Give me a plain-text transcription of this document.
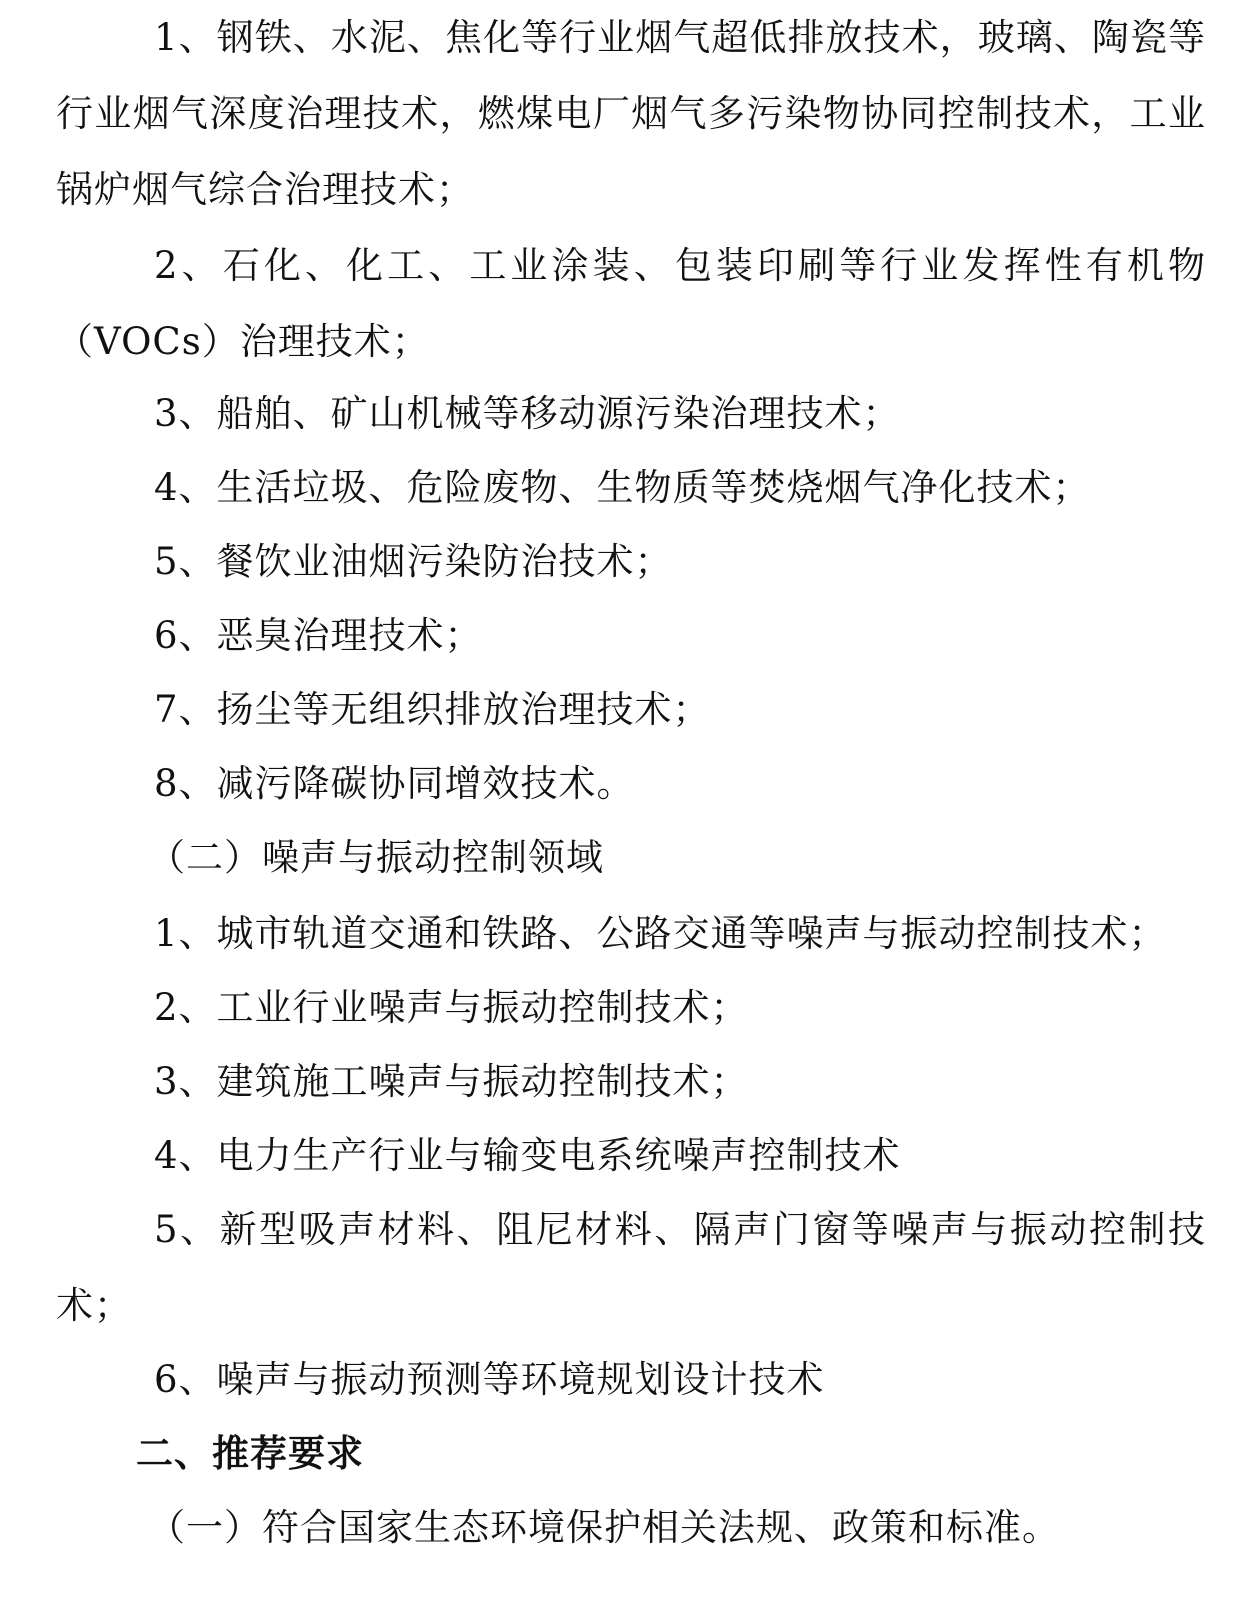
1、钢铁、水泥、焦化等行业烟气超低排放技术，玻璃、陶瓷等行业烟气深度治理技术，燃煤电厂烟气多污染物协同控制技术，工业锅炉烟气综合治理技术；

2、石化、化工、工业涂装、包装印刷等行业发挥性有机物（VOCs）治理技术；

3、船舶、矿山机械等移动源污染治理技术；

4、生活垃圾、危险废物、生物质等焚烧烟气净化技术；

5、餐饮业油烟污染防治技术；

6、恶臭治理技术；

7、扬尘等无组织排放治理技术；

8、减污降碳协同增效技术。

（二）噪声与振动控制领域

1、城市轨道交通和铁路、公路交通等噪声与振动控制技术；

2、工业行业噪声与振动控制技术；

3、建筑施工噪声与振动控制技术；

4、电力生产行业与输变电系统噪声控制技术

5、新型吸声材料、阻尼材料、隔声门窗等噪声与振动控制技术；

6、噪声与振动预测等环境规划设计技术

二、推荐要求

（一）符合国家生态环境保护相关法规、政策和标准。
